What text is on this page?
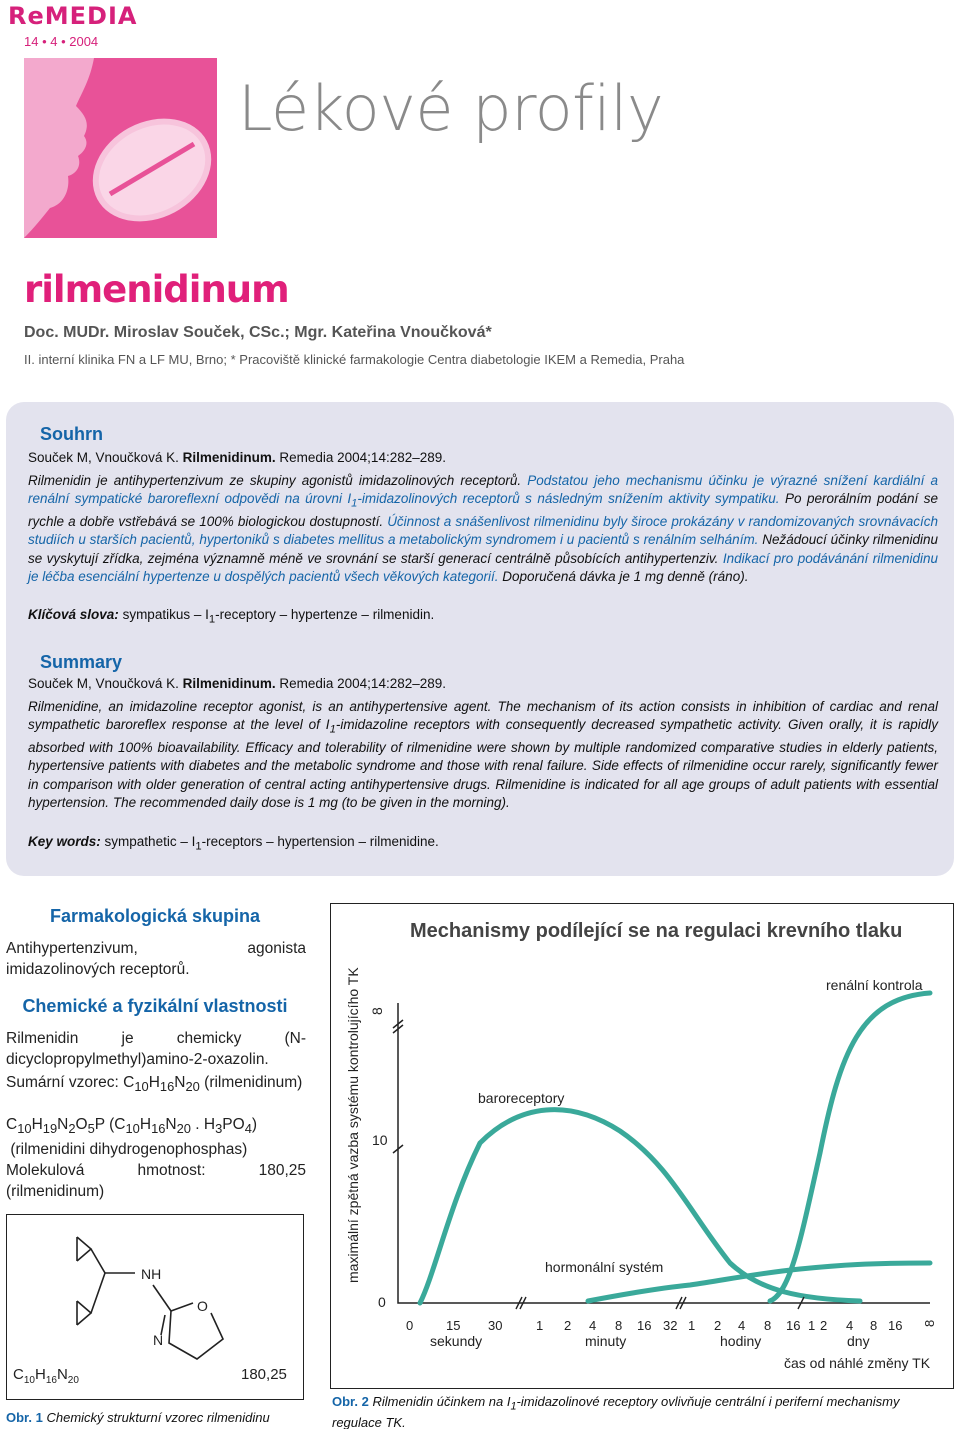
ReMEDIA
14 • 4 • 2004
Lékové profily
rilmenidinum
Doc. MUDr. Miroslav Souček, CSc.; Mgr. Kateřina Vnoučková*
II. interní klinika FN a LF MU, Brno; * Pracoviště klinické farmakologie Centra diabetologie IKEM a Remedia, Praha
Souhrn
Souček M, Vnoučková K. Rilmenidinum. Remedia 2004;14:282–289.
Rilmenidin je antihypertenzivum ze skupiny agonistů imidazolinových receptorů. Podstatou jeho mechanismu účinku je výrazné snížení kardiální a renální sympatické baroreflexní odpovědi na úrovni $I_1$-imidazolinových receptorů s následným snížením aktivity sympatiku. Po perorálním podání se rychle a dobře vstřebává se 100% biologickou dostupností. Účinnost a snášenlivost rilmenidinu byly široce prokázány v randomizovaných srovnávacích studiích u starších pacientů, hypertoniků s diabetes mellitus a metabolickým syndromem i u pacientů s renálním selháním. Nežádoucí účinky rilmenidinu se vyskytují zřídka, zejména významně méně ve srovnání se starší generací centrálně působících antihypertenziv. Indikací pro podávánání rilmenidinu je léčba esenciální hypertenze u dospělých pacientů všech věkových kategorií. Doporučená dávka je 1 mg denně (ráno).
Klíčová slova: sympatikus – $I_1$-receptory – hypertenze – rilmenidin.
Summary
Souček M, Vnoučková K. Rilmenidinum. Remedia 2004;14:282–289.
Rilmenidine, an imidazoline receptor agonist, is an antihypertensive agent. The mechanism of its action consists in inhibition of cardiac and renal sympathetic baroreflex response at the level of $I_1$-imidazoline receptors with consequently decreased sympathetic activity. Given orally, it is rapidly absorbed with 100% bioavailability. Efficacy and tolerability of rilmenidine were shown by multiple randomized comparative studies in elderly patients, hypertensive patients with diabetes and the metabolic syndrome and those with renal failure. Side effects of rilmenidine occur rarely, significantly fewer in comparison with older generation of central acting antihypertensive drugs. Rilmenidine is indicated for all age groups of adult patients with essential hypertension. The recommended daily dose is 1 mg (to be given in the morning).
Key words: sympathetic – $I_1$-receptors – hypertension – rilmenidine.
Farmakologická skupina
Antihypertenzivum, agonista imidazolinových receptorů.
Chemické a fyzikální vlastnosti
Rilmenidin je chemicky (N-dicyclopropylmethyl)amino-2-oxazolin.
Sumární vzorec: $C_{10}H_{16}N_{20}$ (rilmenidinum)
$C_{10}H_{19}N_2O_5P$ ($C_{10}H_{16}N_{20}$ . $H_3PO_4$)
(rilmenidini dihydrogenophosphas)
Molekulová hmotnost: 180,25 (rilmenidinum)
NH
O
N
$C_{10}H_{16}N_{20}$	180,25
Obr. 1 Chemický strukturní vzorec rilmenidinu
Mechanismy podílející se na regulaci krevního tlaku
maximální zpětná vazba systému kontrolujícího TK 8
10
0
renální kontrola
baroreceptory
hormonální systém
0	15 30	1 2 4 8 16 32 1 2 4 8 16 1 2 4 8 16 8
sekundy	minuty	hodiny	dny
čas od náhlé změny TK
Obr. 2 Rilmenidin účinkem na $I_1$-imidazolinové receptory ovlivňuje centrální i periferní mechanismy regulace TK.
